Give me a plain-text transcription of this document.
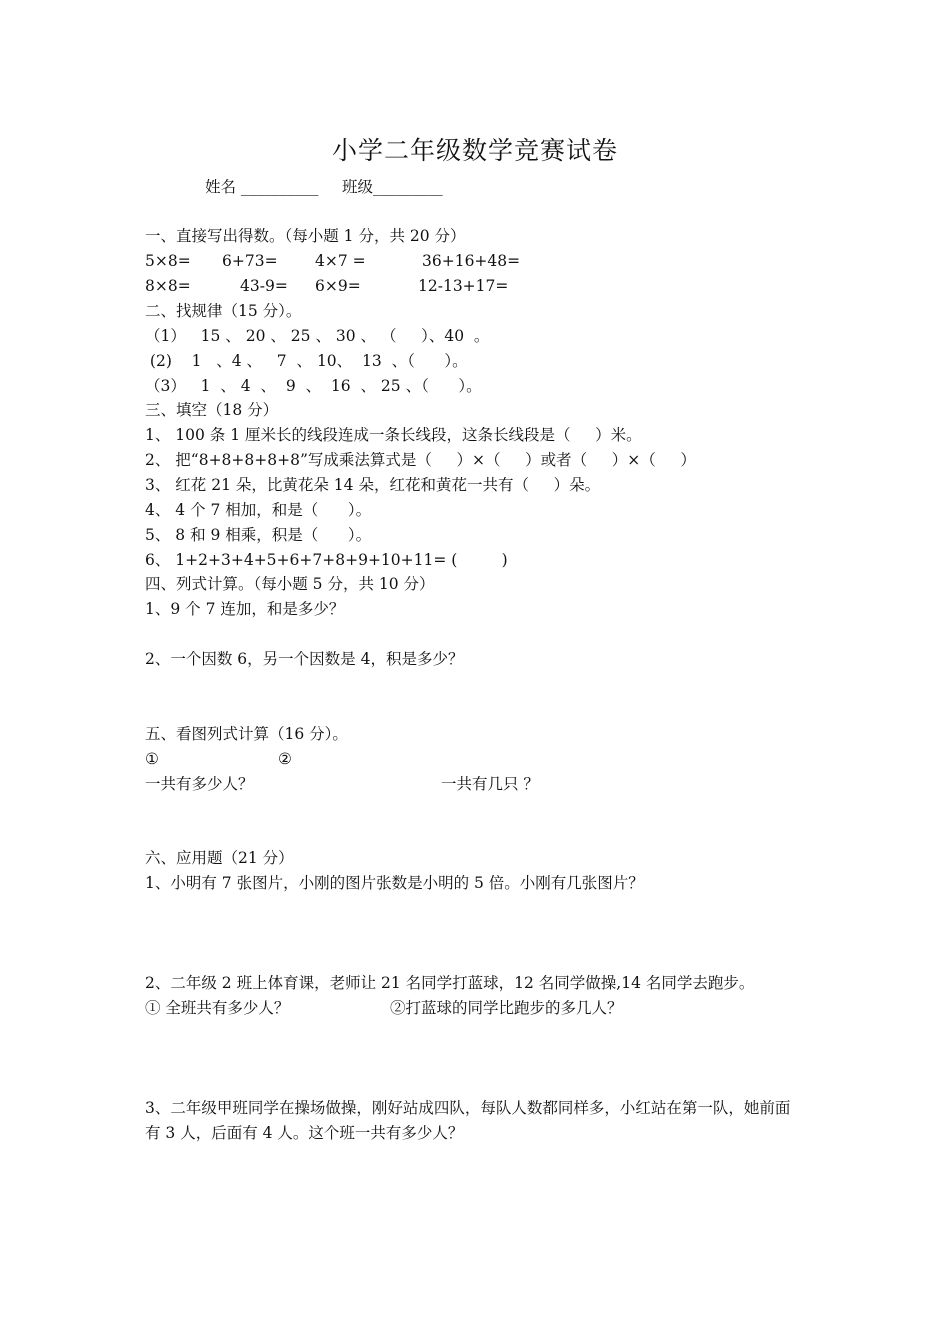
小学二年级数学竞赛试卷
姓名 __________ 班级_________
一、直接写出得数。（每小题 1 分，共 20 分）
5×8= 6+73= 4×7 =	36+16+48=
8×8=	43-9= 6×9=	12-13+17=
二、找规律（15 分）。
（1）   15 、 20 、 25 、 30 、 （     ）、40  。
(2)    1   、4 、   7  、 10、  13  、（      ）。
（3）   1  、 4  、  9  、  16  、 25 、（      ）。
三、填空（18 分）
1、 100 条 1 厘米长的线段连成一条长线段，这条长线段是（     ）米。
2、 把“8+8+8+8+8”写成乘法算式是（     ）×（     ）或者（     ）×（     ）
3、 红花 21 朵，比黄花朵 14 朵，红花和黄花一共有（     ）朵。
4、 4 个 7 相加，和是（      ）。
5、 8 和 9 相乘，积是（      ）。
6、 1+2+3+4+5+6+7+8+9+10+11= (         )
四、列式计算。（每小题 5 分，共 10 分）
1、9 个 7 连加，和是多少？
2、一个因数 6，另一个因数是 4，积是多少？
五、看图列式计算（16 分）。
①	②
一共有多少人？	一共有几只 ？
六、应用题（21 分）
1、小明有 7 张图片，小刚的图片张数是小明的 5 倍。小刚有几张图片？
2、二年级 2 班上体育课，老师让 21 名同学打蓝球，12 名同学做操,14 名同学去跑步。
① 全班共有多少人？	②打蓝球的同学比跑步的多几人？
3、二年级甲班同学在操场做操，刚好站成四队，每队人数都同样多，小红站在第一队，她前面
有 3 人，后面有 4 人。这个班一共有多少人？
